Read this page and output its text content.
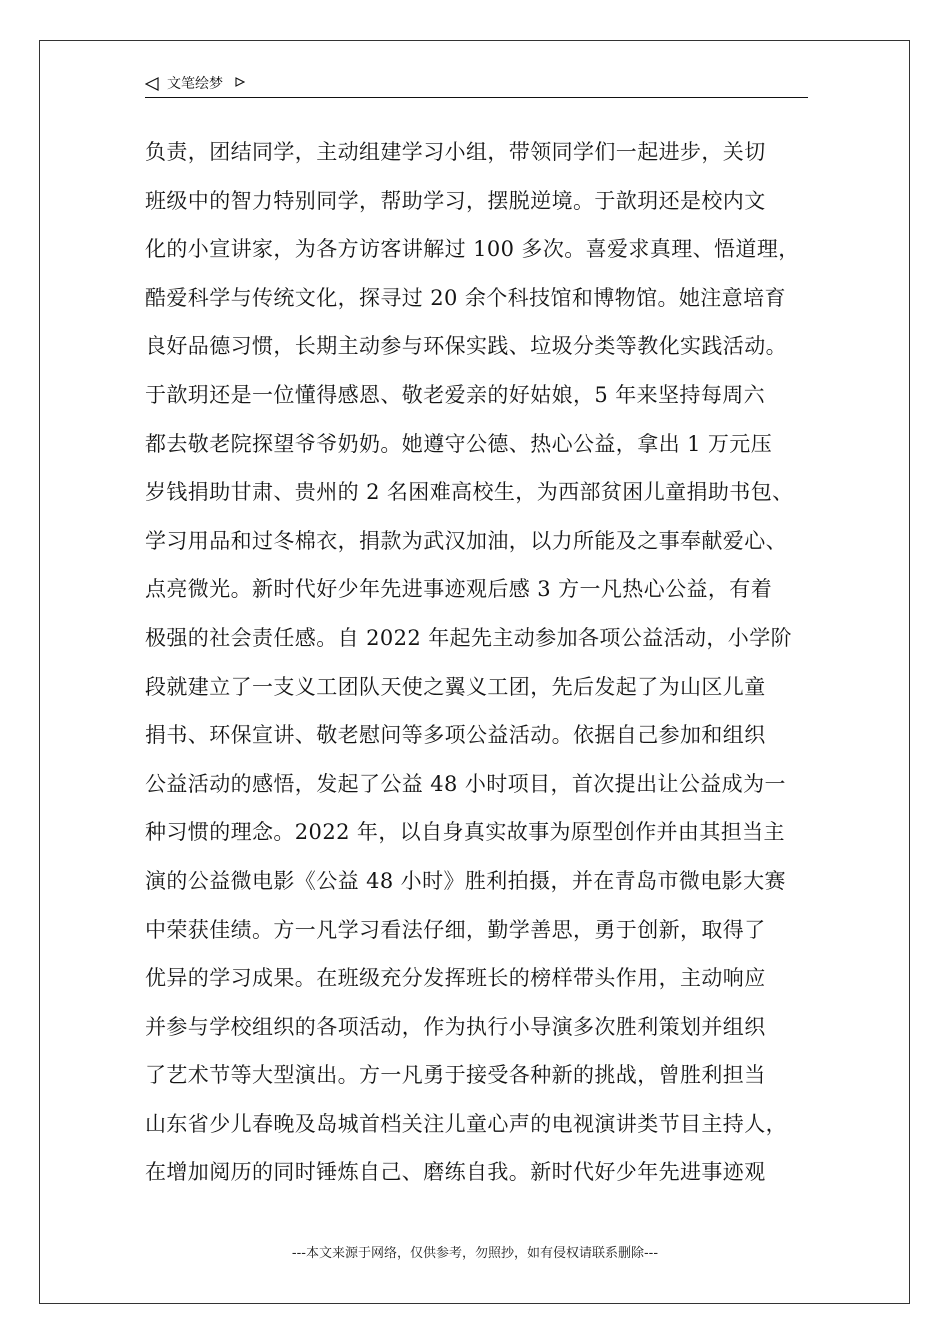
文笔绘梦
负责，团结同学，主动组建学习小组，带领同学们一起进步，关切
班级中的智力特别同学，帮助学习，摆脱逆境。于歆玥还是校内文
化的小宣讲家，为各方访客讲解过 100 多次。喜爱求真理、悟道理，
酷爱科学与传统文化，探寻过 20 余个科技馆和博物馆。她注意培育
良好品德习惯，长期主动参与环保实践、垃圾分类等教化实践活动。
于歆玥还是一位懂得感恩、敬老爱亲的好姑娘，5 年来坚持每周六
都去敬老院探望爷爷奶奶。她遵守公德、热心公益，拿出 1 万元压
岁钱捐助甘肃、贵州的 2 名困难高校生，为西部贫困儿童捐助书包、
学习用品和过冬棉衣，捐款为武汉加油，以力所能及之事奉献爱心、
点亮微光。新时代好少年先进事迹观后感 3 方一凡热心公益，有着
极强的社会责任感。自 2022 年起先主动参加各项公益活动，小学阶
段就建立了一支义工团队天使之翼义工团，先后发起了为山区儿童
捐书、环保宣讲、敬老慰问等多项公益活动。依据自己参加和组织
公益活动的感悟，发起了公益 48 小时项目，首次提出让公益成为一
种习惯的理念。2022 年，以自身真实故事为原型创作并由其担当主
演的公益微电影《公益 48 小时》胜利拍摄，并在青岛市微电影大赛
中荣获佳绩。方一凡学习看法仔细，勤学善思，勇于创新，取得了
优异的学习成果。在班级充分发挥班长的榜样带头作用，主动响应
并参与学校组织的各项活动，作为执行小导演多次胜利策划并组织
了艺术节等大型演出。方一凡勇于接受各种新的挑战，曾胜利担当
山东省少儿春晚及岛城首档关注儿童心声的电视演讲类节目主持人，
在增加阅历的同时锤炼自己、磨练自我。新时代好少年先进事迹观
---本文来源于网络，仅供参考，勿照抄，如有侵权请联系删除---
